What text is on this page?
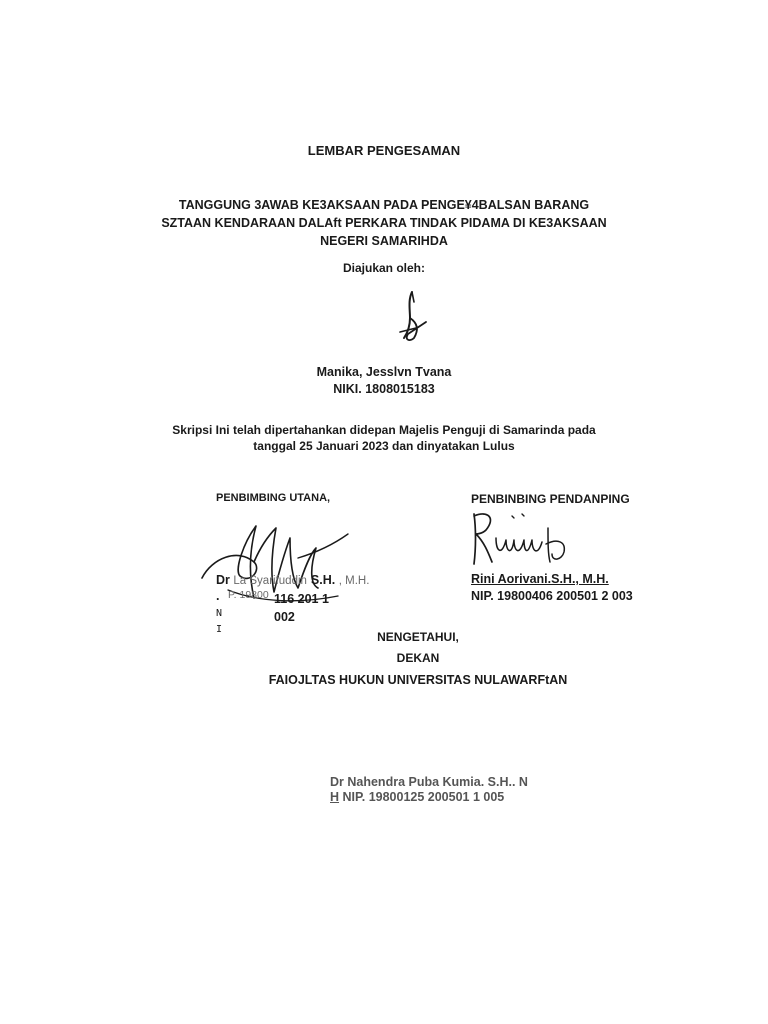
LEMBAR PENGESAMAN
TANGGUNG 3AWAB KE3AKSAAN PADA PENGE¥4BALSAN BARANG
SZTAAN KENDARAAN DALAft PERKARA TINDAK PIDAMA DI KE3AKSAAN
NEGERI SAMARIHDA
Diajukan oleh:
Manika, Jesslvn Tvana
NIKI. 1808015183
Skripsi Ini telah dipertahankan didepan Majelis Penguji di Samarinda pada
tanggal 25 Januari 2023 dan dinyatakan Lulus
PENBIMBING UTANA,
Dr La Syarifuddin S.H. , M.H.
. P. 19800 116 201 1
002
N
I
PENBINBING PENDANPING
Rini Aorivani.S.H., M.H.
NIP. 19800406 200501 2 003
NENGETAHUI,
DEKAN
FAIOJLTAS HUKUN UNIVERSITAS NULAWARFtAN
Dr Nahendra Puba Kumia. S.H.. N
H NIP. 19800125 200501 1 005
